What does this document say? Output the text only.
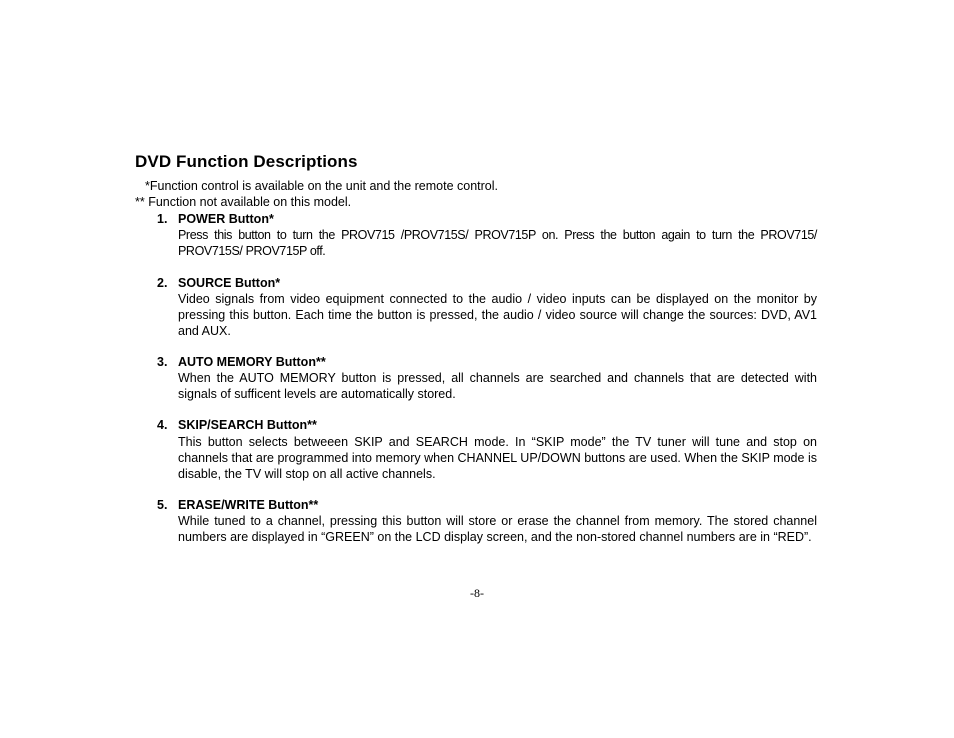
DVD Function Descriptions
*Function control is available on the unit and the remote control.
** Function not available on this model.
1. POWER Button*
Press this button to turn the PROV715 /PROV715S/ PROV715P on. Press the button again to turn the PROV715/ PROV715S/ PROV715P off.
2. SOURCE Button*
Video signals from video equipment connected to the audio / video inputs can be displayed on the monitor by pressing this button. Each time the button is pressed, the audio / video source will change the sources: DVD, AV1 and AUX.
3. AUTO MEMORY Button**
When the AUTO MEMORY button is pressed, all channels are searched and channels that are detected with signals of sufficent levels are automatically stored.
4. SKIP/SEARCH Button**
This button selects betweeen SKIP and SEARCH mode. In “SKIP mode” the TV tuner will tune and stop on channels that are programmed into memory when CHANNEL UP/DOWN buttons are used. When the SKIP mode is disable, the TV will stop on all active channels.
5. ERASE/WRITE Button**
While tuned to a channel, pressing this button will store or erase the channel from memory. The stored channel numbers are displayed in “GREEN” on the LCD display screen, and the non-stored channel numbers are in “RED”.
-8-
